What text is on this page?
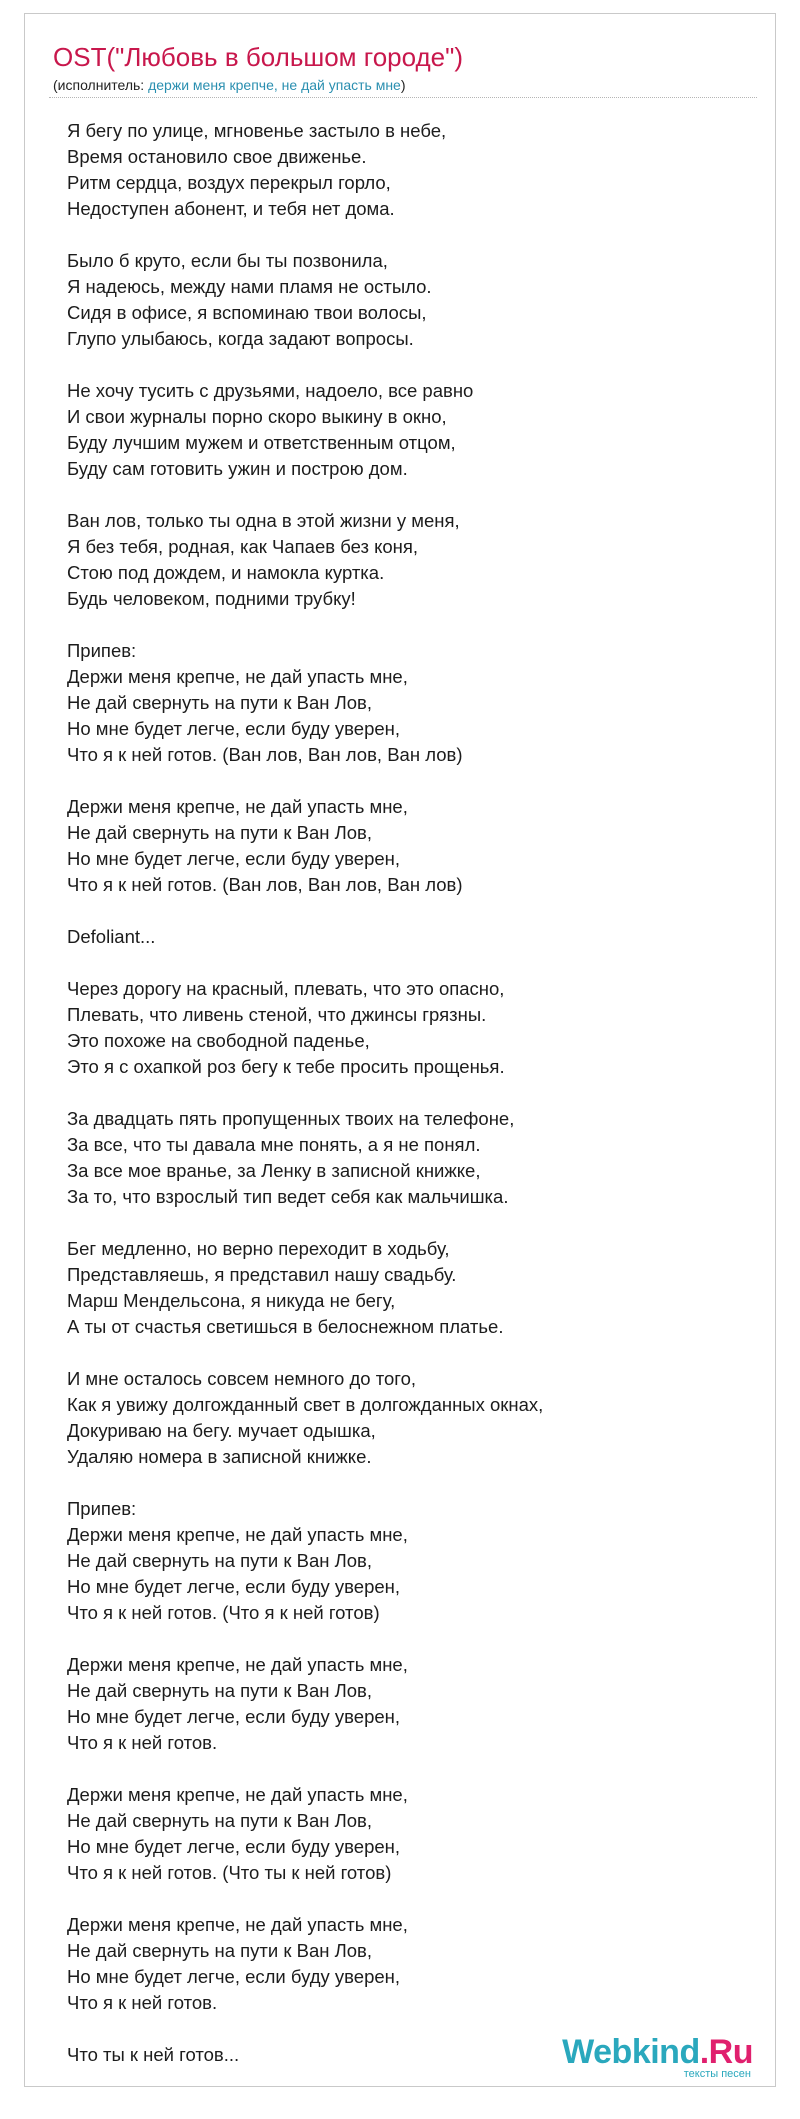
OST("Любовь в большом городе")
(исполнитель: держи меня крепче, не дай упасть мне)
Я бегу по улице, мгновенье застыло в небе,
Время остановило свое движенье.
Ритм сердца, воздух перекрыл горло,
Недоступен абонент, и тебя нет дома.
Было б круто, если бы ты позвонила,
Я надеюсь, между нами пламя не остыло.
Сидя в офисе, я вспоминаю твои волосы,
Глупо улыбаюсь, когда задают вопросы.
Не хочу тусить с друзьями, надоело, все равно
И свои журналы порно скоро выкину в окно,
Буду лучшим мужем и ответственным отцом,
Буду сам готовить ужин и построю дом.
Ван лов, только ты одна в этой жизни у меня,
Я без тебя, родная, как Чапаев без коня,
Стою под дождем, и намокла куртка.
Будь человеком, подними трубку!
Припев:
Держи меня крепче, не дай упасть мне,
Не дай свернуть на пути к Ван Лов,
Но мне будет легче, если буду уверен,
Что я к ней готов. (Ван лов, Ван лов, Ван лов)
Держи меня крепче, не дай упасть мне,
Не дай свернуть на пути к Ван Лов,
Но мне будет легче, если буду уверен,
Что я к ней готов. (Ван лов, Ван лов, Ван лов)
Defoliant...
Через дорогу на красный, плевать, что это опасно,
Плевать, что ливень стеной, что джинсы грязны.
Это похоже на свободной паденье,
Это я с охапкой роз бегу к тебе просить прощенья.
За двадцать пять пропущенных твоих на телефоне,
За все, что ты давала мне понять, а я не понял.
За все мое вранье, за Ленку в записной книжке,
За то, что взрослый тип ведет себя как мальчишка.
Бег медленно, но верно переходит в ходьбу,
Представляешь, я представил нашу свадьбу.
Марш Мендельсона, я никуда не бегу,
А ты от счастья светишься в белоснежном платье.
И мне осталось совсем немного до того,
Как я увижу долгожданный свет в долгожданных окнах,
Докуриваю на бегу. мучает одышка,
Удаляю номера в записной книжке.
Припев:
Держи меня крепче, не дай упасть мне,
Не дай свернуть на пути к Ван Лов,
Но мне будет легче, если буду уверен,
Что я к ней готов. (Что я к ней готов)
Держи меня крепче, не дай упасть мне,
Не дай свернуть на пути к Ван Лов,
Но мне будет легче, если буду уверен,
Что я к ней готов.
Держи меня крепче, не дай упасть мне,
Не дай свернуть на пути к Ван Лов,
Но мне будет легче, если буду уверен,
Что я к ней готов. (Что ты к ней готов)
Держи меня крепче, не дай упасть мне,
Не дай свернуть на пути к Ван Лов,
Но мне будет легче, если буду уверен,
Что я к ней готов.
Что ты к ней готов...	Webkind.Ru
тексты песен
